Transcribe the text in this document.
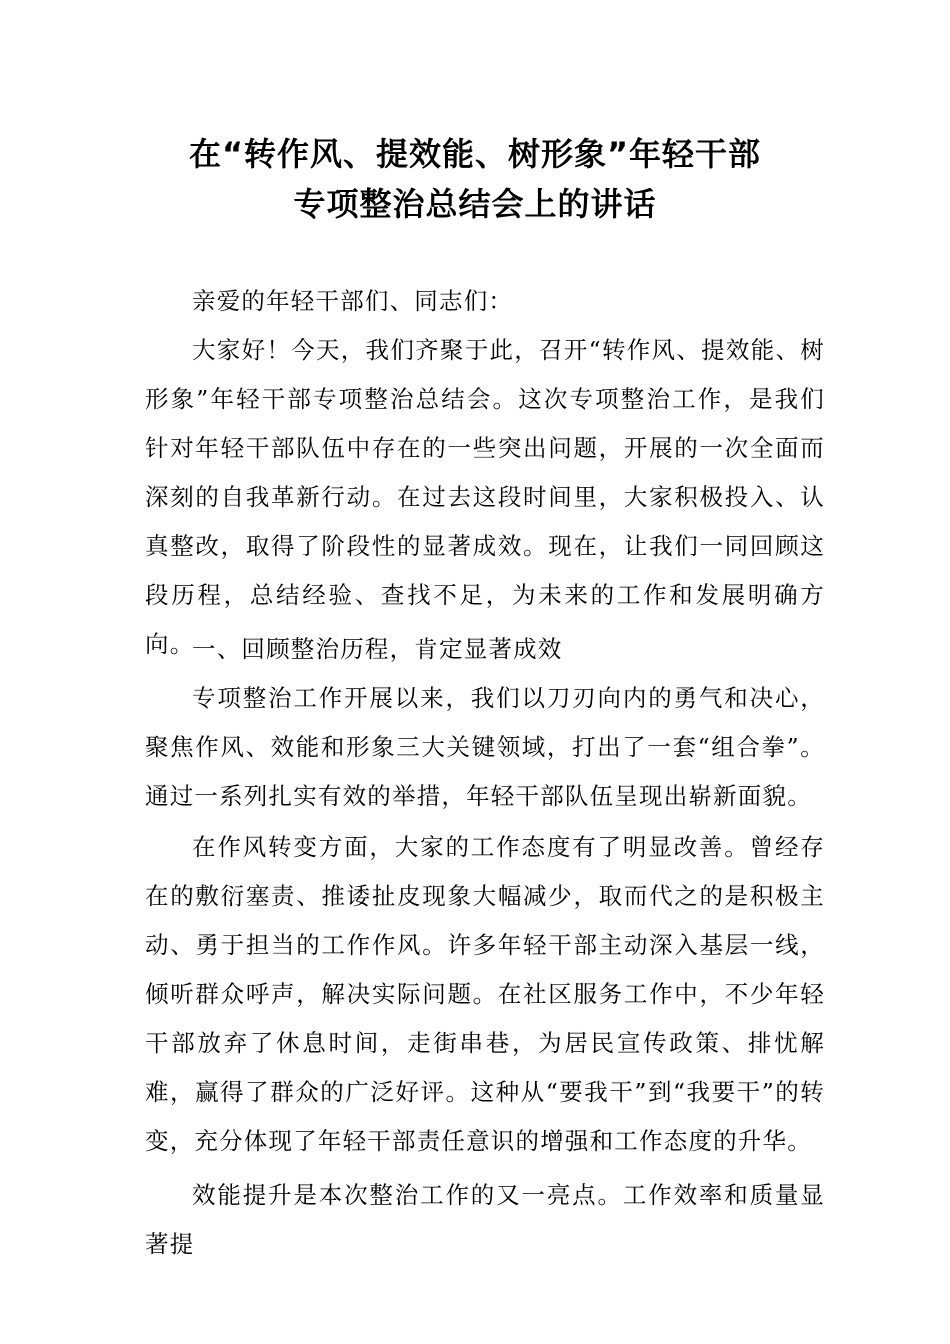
在“转作风、提效能、树形象”年轻干部
专项整治总结会上的讲话

亲爱的年轻干部们、同志们：

大家好！今天，我们齐聚于此，召开“转作风、提效能、树形象”年轻干部专项整治总结会。这次专项整治工作，是我们针对年轻干部队伍中存在的一些突出问题，开展的一次全面而深刻的自我革新行动。在过去这段时间里，大家积极投入、认真整改，取得了阶段性的显著成效。现在，让我们一同回顾这段历程，总结经验、查找不足，为未来的工作和发展明确方向。

一、回顾整治历程，肯定显著成效

专项整治工作开展以来，我们以刀刃向内的勇气和决心，聚焦作风、效能和形象三大关键领域，打出了一套“组合拳”。通过一系列扎实有效的举措，年轻干部队伍呈现出崭新面貌。

在作风转变方面，大家的工作态度有了明显改善。曾经存在的敷衍塞责、推诿扯皮现象大幅减少，取而代之的是积极主动、勇于担当的工作作风。许多年轻干部主动深入基层一线，倾听群众呼声，解决实际问题。在社区服务工作中，不少年轻干部放弃了休息时间，走街串巷，为居民宣传政策、排忧解难，赢得了群众的广泛好评。这种从“要我干”到“我要干”的转变，充分体现了年轻干部责任意识的增强和工作态度的升华。

效能提升是本次整治工作的又一亮点。工作效率和质量显著提
